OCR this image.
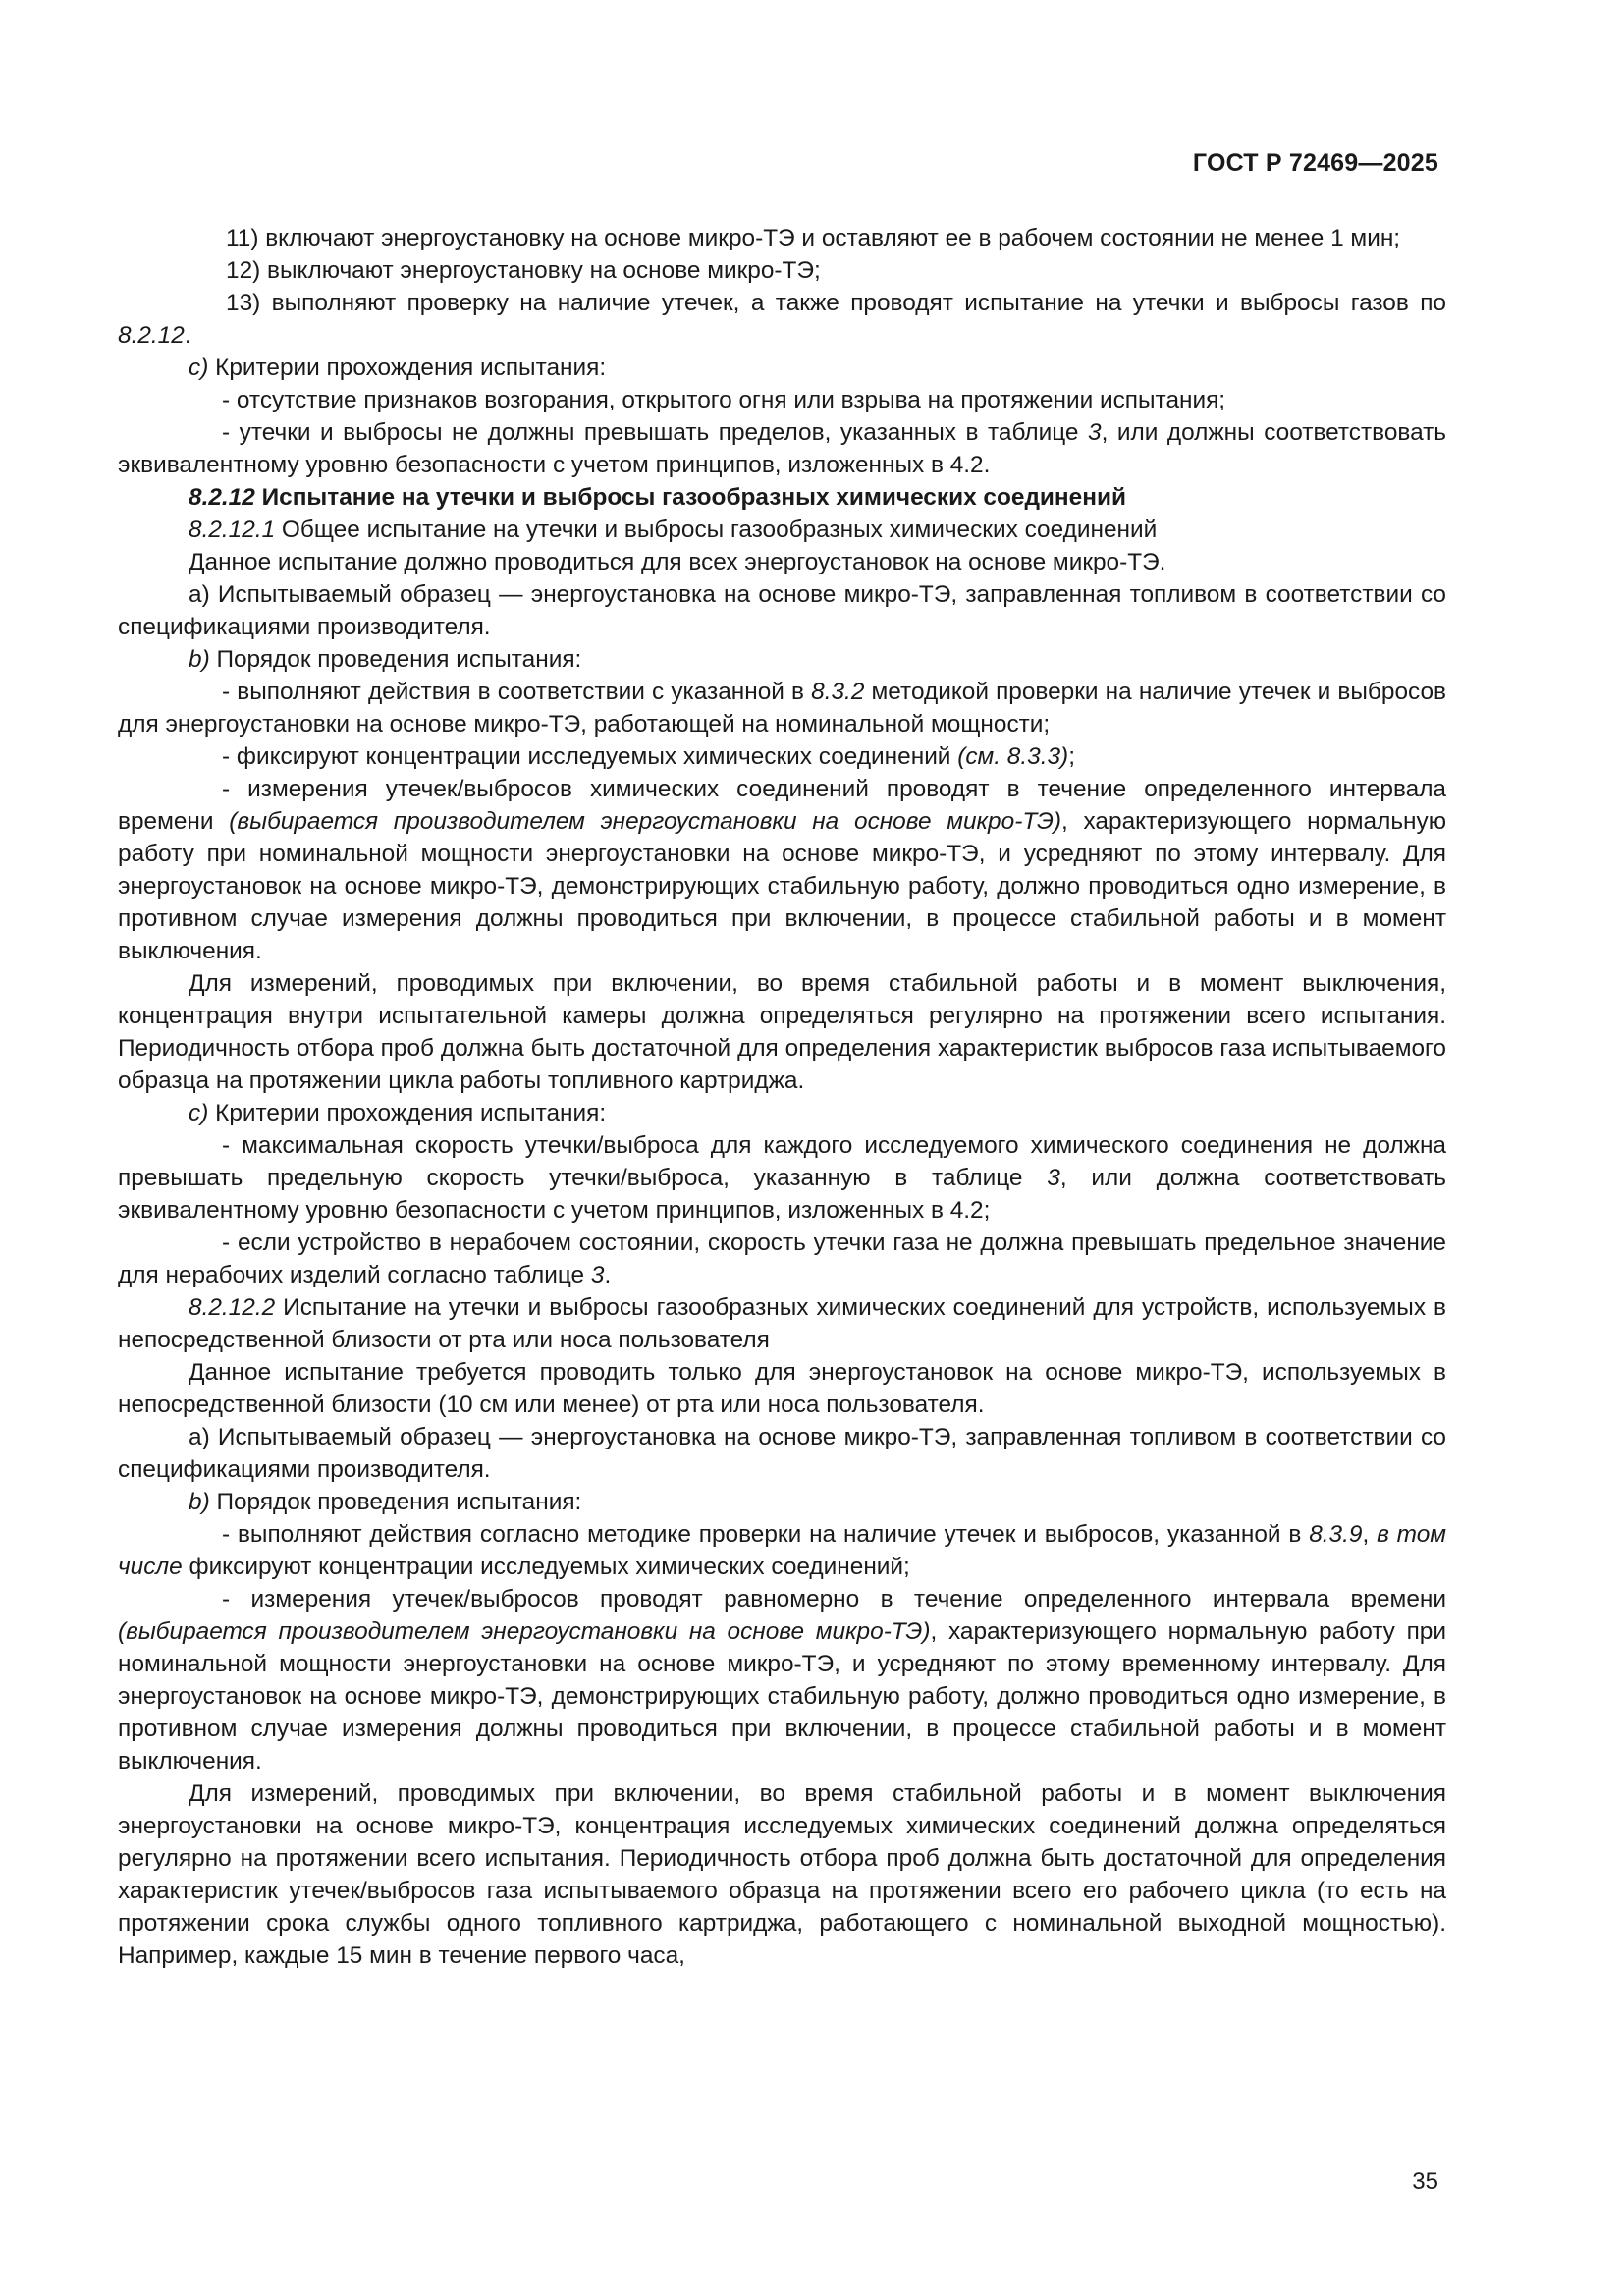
ГОСТ Р 72469—2025

11) включают энергоустановку на основе микро-ТЭ и оставляют ее в рабочем состоянии не менее 1 мин;

12) выключают энергоустановку на основе микро-ТЭ;

13) выполняют проверку на наличие утечек, а также проводят испытание на утечки и выбросы газов по 8.2.12.

c) Критерии прохождения испытания:

- отсутствие признаков возгорания, открытого огня или взрыва на протяжении испытания;

- утечки и выбросы не должны превышать пределов, указанных в таблице 3, или должны соответствовать эквивалентному уровню безопасности с учетом принципов, изложенных в 4.2.

8.2.12 Испытание на утечки и выбросы газообразных химических соединений

8.2.12.1 Общее испытание на утечки и выбросы газообразных химических соединений

Данное испытание должно проводиться для всех энергоустановок на основе микро-ТЭ.

а) Испытываемый образец — энергоустановка на основе микро-ТЭ, заправленная топливом в соответствии со спецификациями производителя.

b) Порядок проведения испытания:

- выполняют действия в соответствии с указанной в 8.3.2 методикой проверки на наличие утечек и выбросов для энергоустановки на основе микро-ТЭ, работающей на номинальной мощности;

- фиксируют концентрации исследуемых химических соединений (см. 8.3.3);

- измерения утечек/выбросов химических соединений проводят в течение определенного интервала времени (выбирается производителем энергоустановки на основе микро-ТЭ), характеризующего нормальную работу при номинальной мощности энергоустановки на основе микро-ТЭ, и усредняют по этому интервалу. Для энергоустановок на основе микро-ТЭ, демонстрирующих стабильную работу, должно проводиться одно измерение, в противном случае измерения должны проводиться при включении, в процессе стабильной работы и в момент выключения.

Для измерений, проводимых при включении, во время стабильной работы и в момент выключения, концентрация внутри испытательной камеры должна определяться регулярно на протяжении всего испытания. Периодичность отбора проб должна быть достаточной для определения характеристик выбросов газа испытываемого образца на протяжении цикла работы топливного картриджа.

c) Критерии прохождения испытания:

- максимальная скорость утечки/выброса для каждого исследуемого химического соединения не должна превышать предельную скорость утечки/выброса, указанную в таблице 3, или должна соответствовать эквивалентному уровню безопасности с учетом принципов, изложенных в 4.2;

- если устройство в нерабочем состоянии, скорость утечки газа не должна превышать предельное значение для нерабочих изделий согласно таблице 3.

8.2.12.2 Испытание на утечки и выбросы газообразных химических соединений для устройств, используемых в непосредственной близости от рта или носа пользователя

Данное испытание требуется проводить только для энергоустановок на основе микро-ТЭ, используемых в непосредственной близости (10 см или менее) от рта или носа пользователя.

а) Испытываемый образец — энергоустановка на основе микро-ТЭ, заправленная топливом в соответствии со спецификациями производителя.

b) Порядок проведения испытания:

- выполняют действия согласно методике проверки на наличие утечек и выбросов, указанной в 8.3.9, в том числе фиксируют концентрации исследуемых химических соединений;

- измерения утечек/выбросов проводят равномерно в течение определенного интервала времени (выбирается производителем энергоустановки на основе микро-ТЭ), характеризующего нормальную работу при номинальной мощности энергоустановки на основе микро-ТЭ, и усредняют по этому временному интервалу. Для энергоустановок на основе микро-ТЭ, демонстрирующих стабильную работу, должно проводиться одно измерение, в противном случае измерения должны проводиться при включении, в процессе стабильной работы и в момент выключения.

Для измерений, проводимых при включении, во время стабильной работы и в момент выключения энергоустановки на основе микро-ТЭ, концентрация исследуемых химических соединений должна определяться регулярно на протяжении всего испытания. Периодичность отбора проб должна быть достаточной для определения характеристик утечек/выбросов газа испытываемого образца на протяжении всего его рабочего цикла (то есть на протяжении срока службы одного топливного картриджа, работающего с номинальной выходной мощностью). Например, каждые 15 мин в течение первого часа,

35
